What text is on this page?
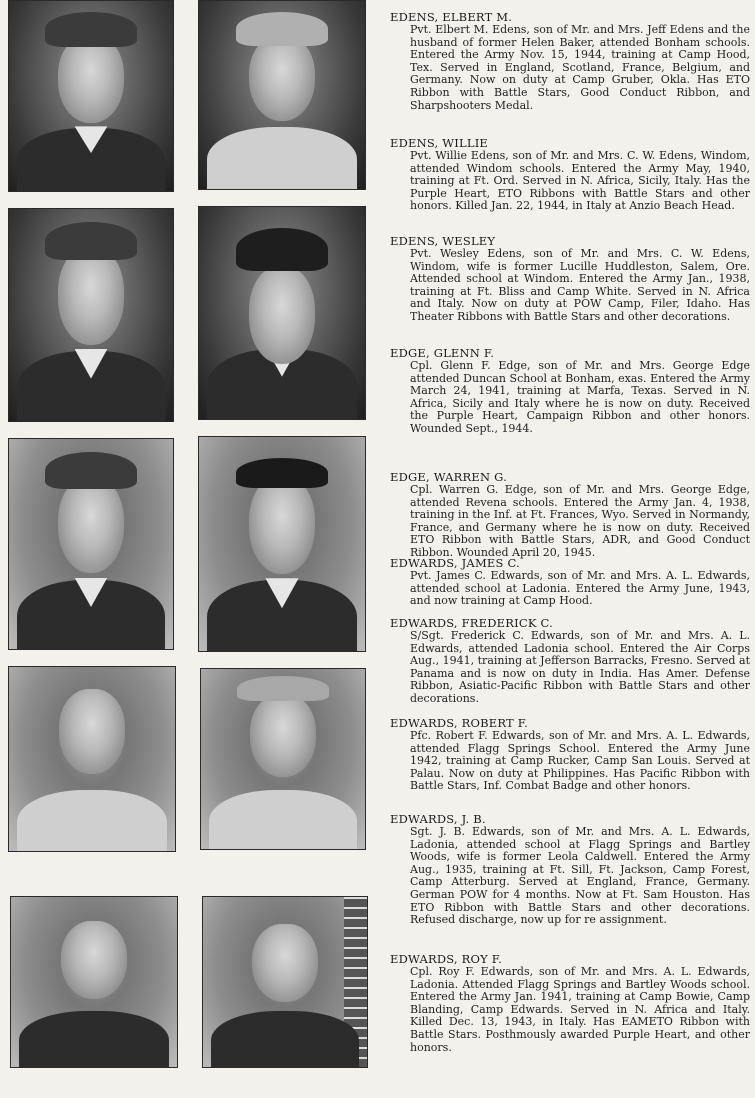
EDENS, ELBERT M.
Pvt. Elbert M. Edens, son of Mr. and Mrs. Jeff Edens and the husband of former Helen Baker, attended Bonham schools. Entered the Army Nov. 15, 1944, training at Camp Hood, Tex. Served in England, Scotland, France, Belgium, and Germany. Now on duty at Camp Gruber, Okla. Has ETO Ribbon with Battle Stars, Good Conduct Ribbon, and Sharpshooters Medal.
EDENS, WILLIE
Pvt. Willie Edens, son of Mr. and Mrs. C. W. Edens, Windom, attended Windom schools. Entered the Army May, 1940, training at Ft. Ord. Served in N. Africa, Sicily, Italy. Has the Purple Heart, ETO Ribbons with Battle Stars and other honors. Killed Jan. 22, 1944, in Italy at Anzio Beach Head.
EDENS, WESLEY
Pvt. Wesley Edens, son of Mr. and Mrs. C. W. Edens, Windom, wife is former Lucille Huddleston, Salem, Ore. Attended school at Windom. Entered the Army Jan., 1938, training at Ft. Bliss and Camp White. Served in N. Africa and Italy. Now on duty at POW Camp, Filer, Idaho. Has Theater Ribbons with Battle Stars and other decorations.
EDGE, GLENN F.
Cpl. Glenn F. Edge, son of Mr. and Mrs. George Edge attended Duncan School at Bonham, exas. Entered the Army March 24, 1941, training at Marfa, Texas. Served in N. Africa, Sicily and Italy where he is now on duty. Received the Purple Heart, Campaign Ribbon and other honors. Wounded Sept., 1944.
EDGE, WARREN G.
Cpl. Warren G. Edge, son of Mr. and Mrs. George Edge, attended Revena schools. Entered the Army Jan. 4, 1938, training in the Inf. at Ft. Frances, Wyo. Served in Normandy, France, and Germany where he is now on duty. Received ETO Ribbon with Battle Stars, ADR, and Good Conduct Ribbon. Wounded April 20, 1945.
EDWARDS, JAMES C.
Pvt. James C. Edwards, son of Mr. and Mrs. A. L. Edwards, attended school at Ladonia. Entered the Army June, 1943, and now training at Camp Hood.
EDWARDS, FREDERICK C.
S/Sgt. Frederick C. Edwards, son of Mr. and Mrs. A. L. Edwards, attended Ladonia school. Entered the Air Corps Aug., 1941, training at Jefferson Barracks, Fresno. Served at Panama and is now on duty in India. Has Amer. Defense Ribbon, Asiatic-Pacific Ribbon with Battle Stars and other decorations.
EDWARDS, ROBERT F.
Pfc. Robert F. Edwards, son of Mr. and Mrs. A. L. Edwards, attended Flagg Springs School. Entered the Army June 1942, training at Camp Rucker, Camp San Louis. Served at Palau. Now on duty at Philippines. Has Pacific Ribbon with Battle Stars, Inf. Combat Badge and other honors.
EDWARDS, J. B.
Sgt. J. B. Edwards, son of Mr. and Mrs. A. L. Edwards, Ladonia, attended school at Flagg Springs and Bartley Woods, wife is former Leola Caldwell. Entered the Army Aug., 1935, training at Ft. Sill, Ft. Jackson, Camp Forest, Camp Atterburg. Served at England, France, Germany. German POW for 4 months. Now at Ft. Sam Houston. Has ETO Ribbon with Battle Stars and other decorations. Refused discharge, now up for re assignment.
EDWARDS, ROY F.
Cpl. Roy F. Edwards, son of Mr. and Mrs. A. L. Edwards, Ladonia. Attended Flagg Springs and Bartley Woods school. Entered the Army Jan. 1941, training at Camp Bowie, Camp Blanding, Camp Edwards. Served in N. Africa and Italy. Killed Dec. 13, 1943, in Italy. Has EAMETO Ribbon with Battle Stars. Posthmously awarded Purple Heart, and other honors.
